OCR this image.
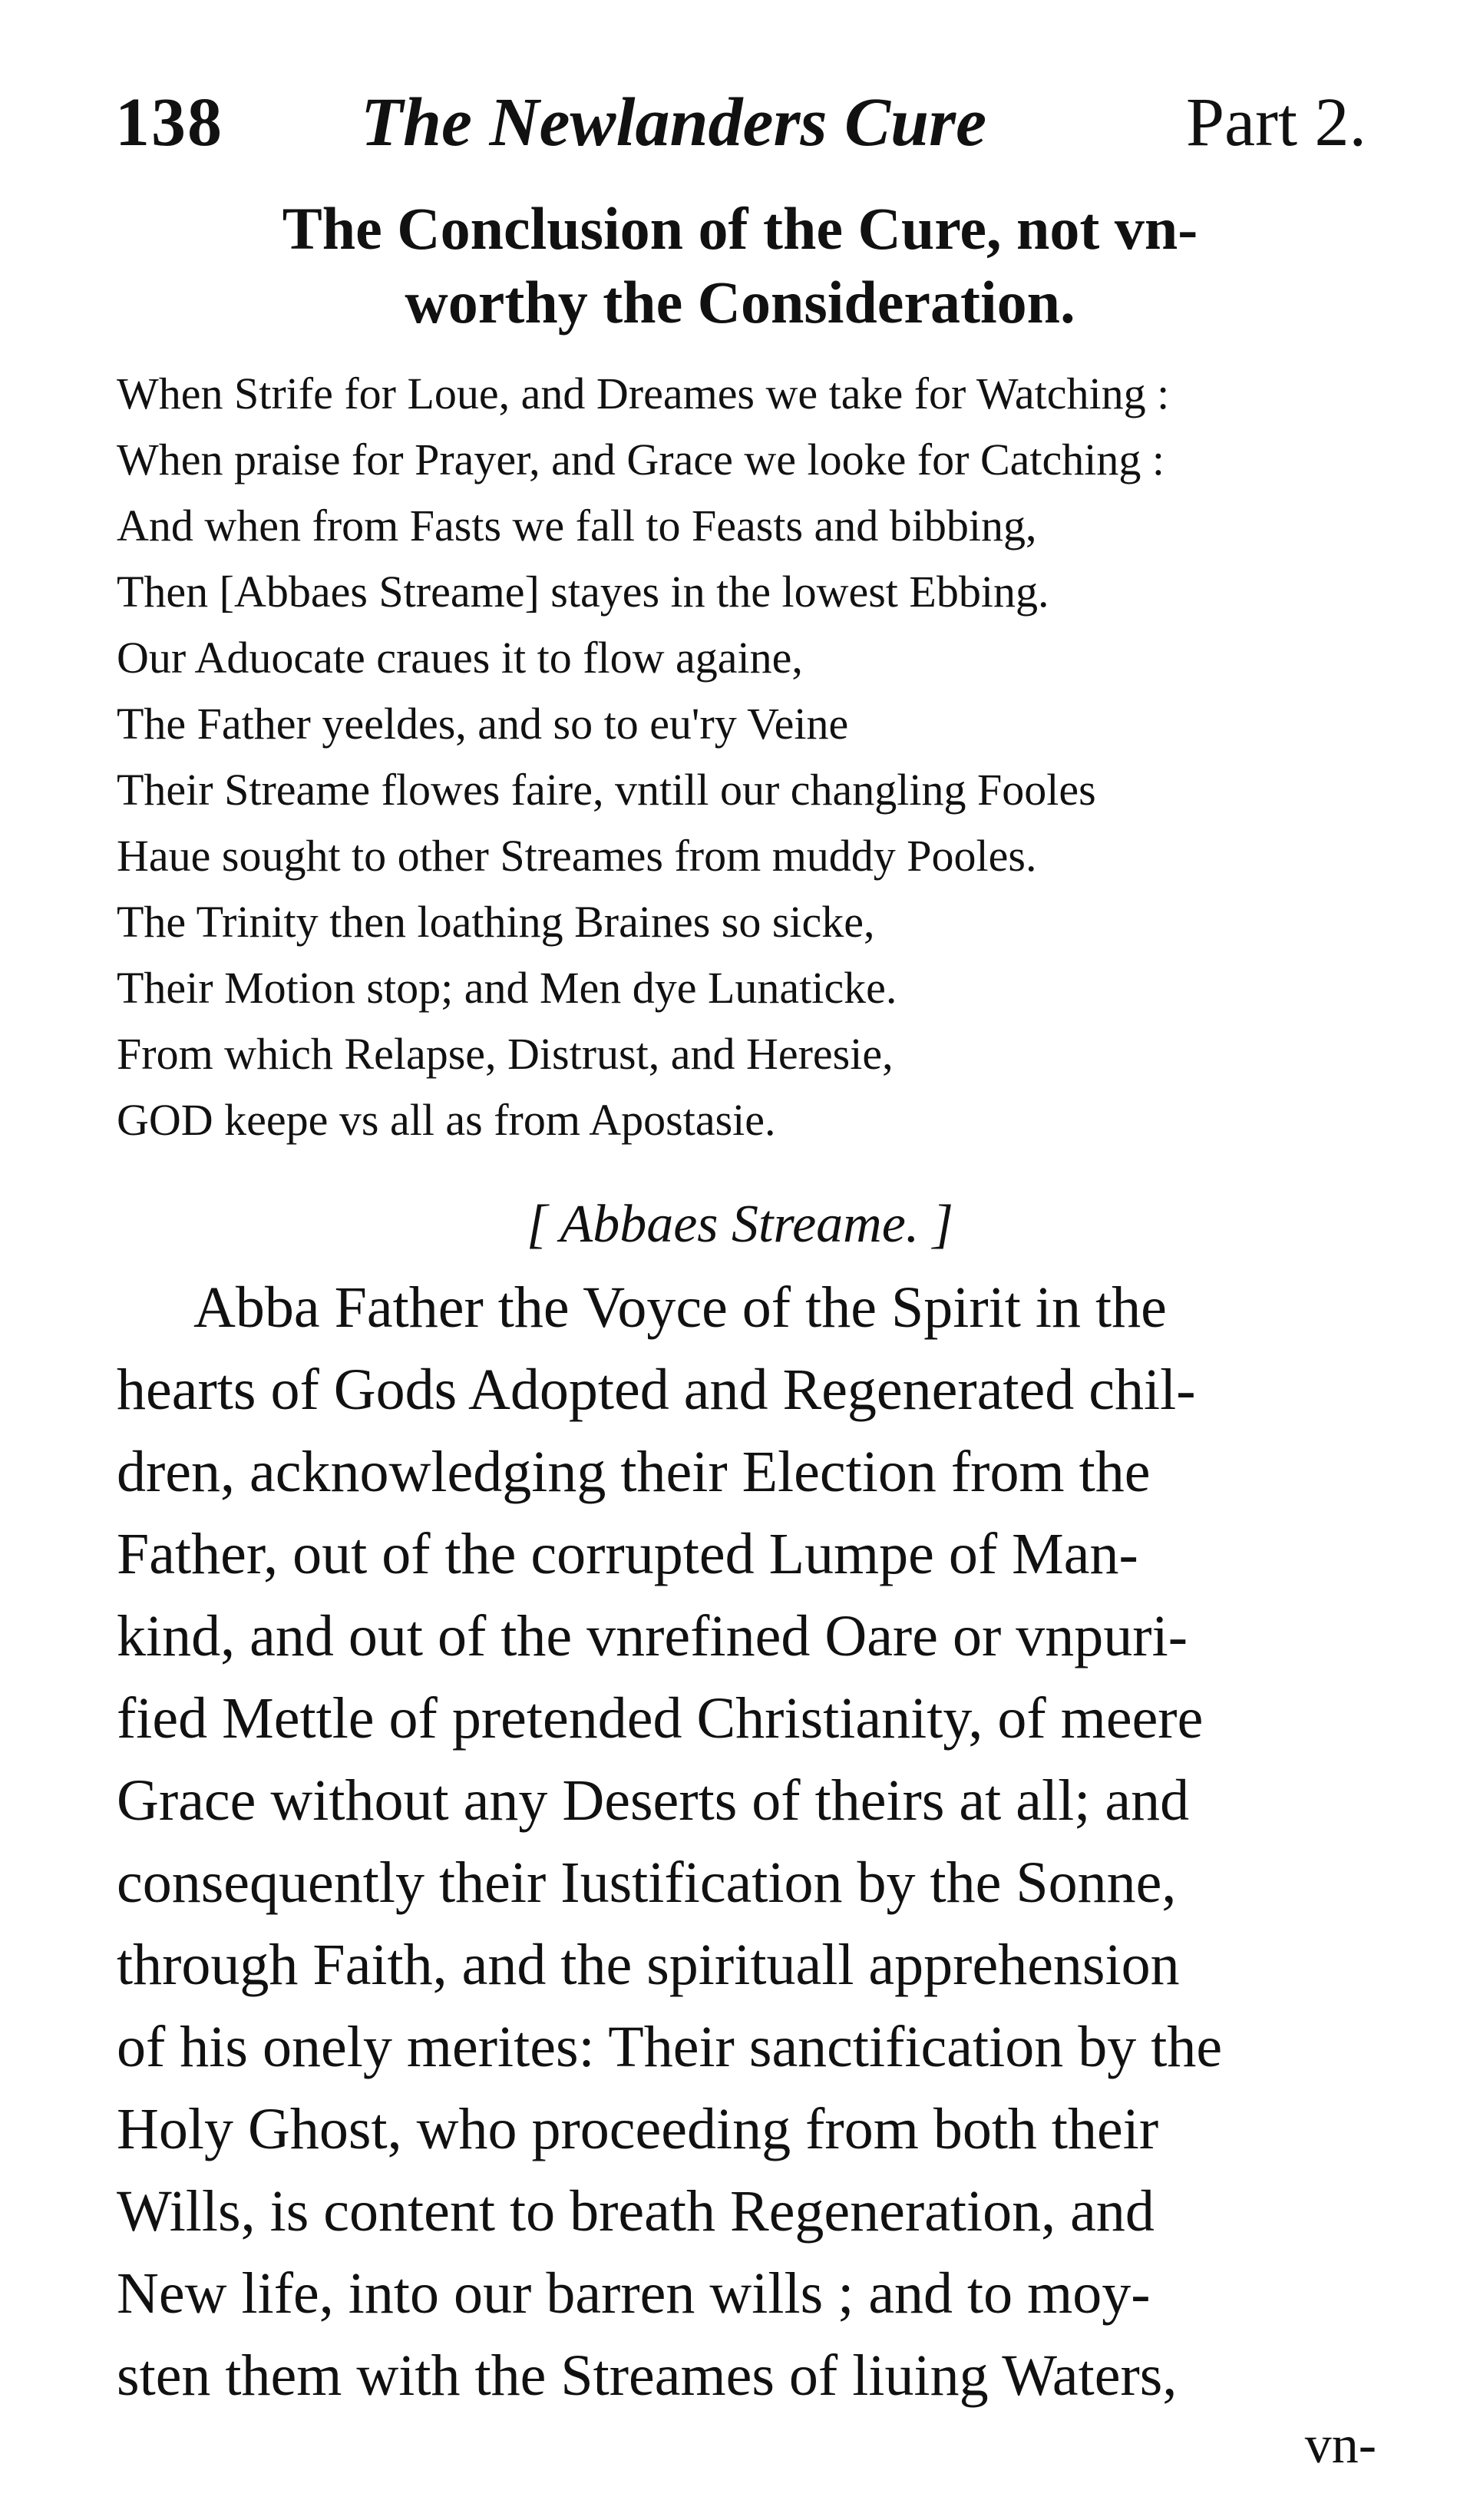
138 The Newlanders Cure	Part 2.
The Conclusion of the Cure, not vn-
worthy the Consideration.
When Strife for Loue, and Dreames we take for Watching :
When praise for Prayer, and Grace we looke for Catching :
And when from Fasts we fall to Feasts and bibbing,
Then [Abbaes Streame] stayes in the lowest Ebbing.
Our Aduocate craues it to flow againe,
The Father yeeldes, and so to eu'ry Veine
Their Streame flowes faire, vntill our changling Fooles
Haue sought to other Streames from muddy Pooles.
The Trinity then loathing Braines so sicke,
Their Motion stop; and Men dye Lunaticke.
From which Relapse, Distrust, and Heresie,
GOD keepe vs all as from Apostasie.
[ Abbaes Streame. ]
Abba Father the Voyce of the Spirit in the
hearts of Gods Adopted and Regenerated chil-
dren, acknowledging their Election from the
Father, out of the corrupted Lumpe of Man-
kind, and out of the vnrefined Oare or vnpuri-
fied Mettle of pretended Christianity, of meere
Grace without any Deserts of theirs at all; and
consequently their Iustification by the Sonne,
through Faith, and the spirituall apprehension
of his onely merites: Their sanctification by the
Holy Ghost, who proceeding from both their
Wills, is content to breath Regeneration, and
New life, into our barren wills ; and to moy-
sten them with the Streames of liuing Waters,
vn-
